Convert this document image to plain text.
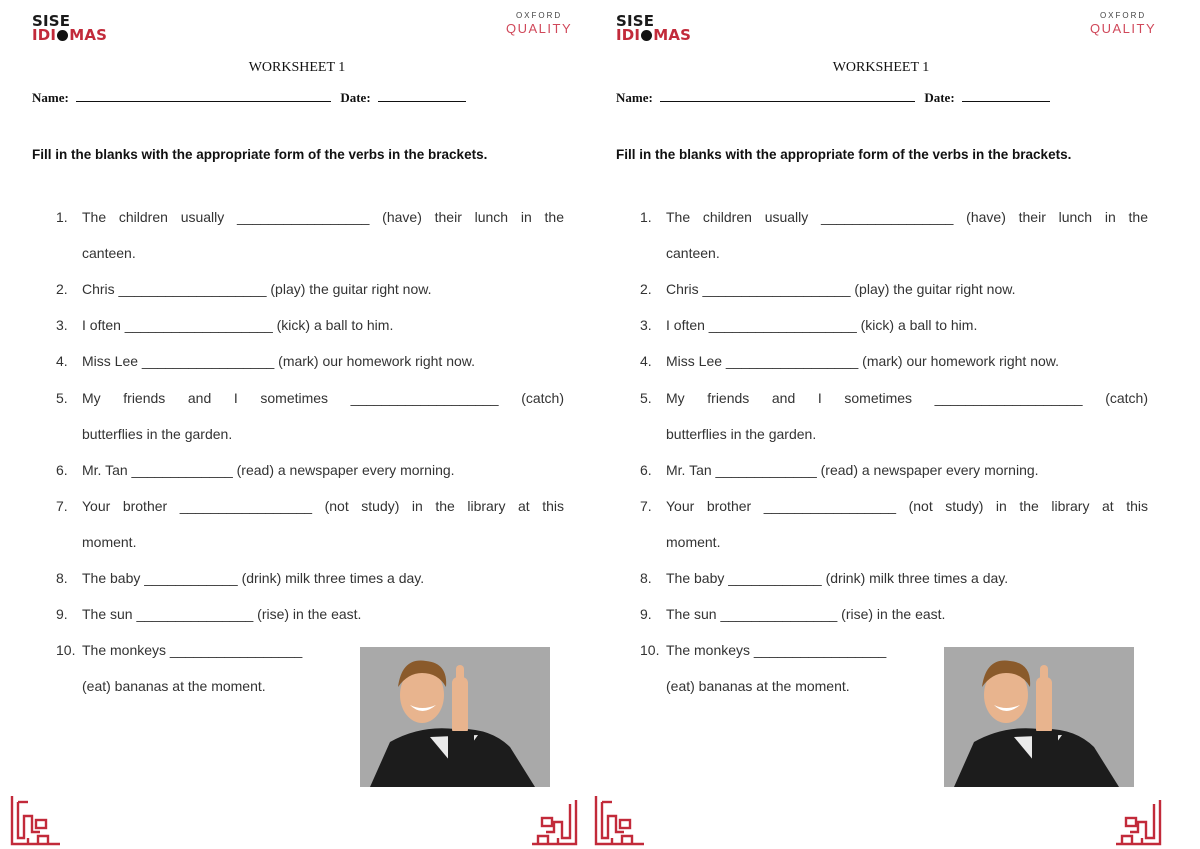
SISE
IDI MAS
OXFORD
QUALITY
WORKSHEET 1
Name:	Date:
Fill in the blanks with the appropriate form of the verbs in the brackets.
1.	The children usually _________________ (have) their lunch in the
canteen.
2.	Chris ___________________ (play) the guitar right now.
3.	I often ___________________ (kick) a ball to him.
4.	Miss Lee _________________ (mark) our homework right now.
5.	My friends and I sometimes ___________________ (catch)
butterflies in the garden.
6.	Mr. Tan _____________ (read) a newspaper every morning.
7.	Your brother _________________ (not study) in the library at this
moment.
8.	The baby ____________ (drink) milk three times a day.
9.	The sun _______________ (rise) in the east.
10. The monkeys _________________
(eat) bananas at the moment.
SISE
IDI MAS
OXFORD
QUALITY
WORKSHEET 1
Name:	Date:
Fill in the blanks with the appropriate form of the verbs in the brackets.
1.	The children usually _________________ (have) their lunch in the
canteen.
2.	Chris ___________________ (play) the guitar right now.
3.	I often ___________________ (kick) a ball to him.
4.	Miss Lee _________________ (mark) our homework right now.
5.	My friends and I sometimes ___________________ (catch)
butterflies in the garden.
6.	Mr. Tan _____________ (read) a newspaper every morning.
7.	Your brother _________________ (not study) in the library at this
moment.
8.	The baby ____________ (drink) milk three times a day.
9.	The sun _______________ (rise) in the east.
10. The monkeys _________________
(eat) bananas at the moment.
